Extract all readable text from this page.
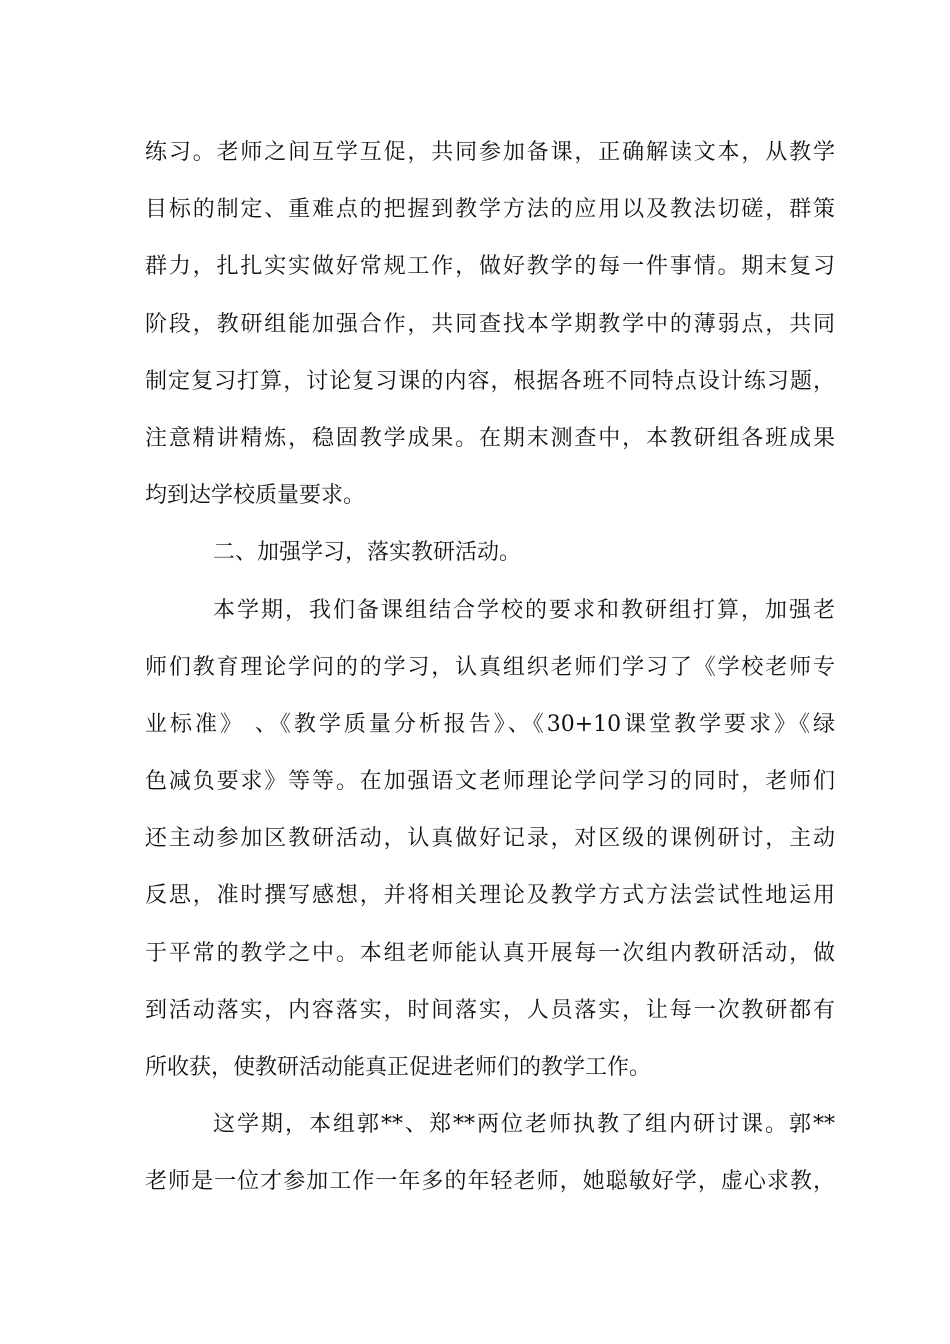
练习。老师之间互学互促，共同参加备课，正确解读文本，从教学
目标的制定、重难点的把握到教学方法的应用以及教法切磋，群策
群力，扎扎实实做好常规工作，做好教学的每一件事情。期末复习
阶段，教研组能加强合作，共同查找本学期教学中的薄弱点，共同
制定复习打算，讨论复习课的内容，根据各班不同特点设计练习题，
注意精讲精炼，稳固教学成果。在期末测查中，本教研组各班成果
均到达学校质量要求。
二、加强学习，落实教研活动。
本学期，我们备课组结合学校的要求和教研组打算，加强老
师们教育理论学问的的学习，认真组织老师们学习了《学校老师专
业标准》 、《教学质量分析报告》、《30+10课堂教学要求》《绿
色减负要求》等等。在加强语文老师理论学问学习的同时，老师们
还主动参加区教研活动，认真做好记录，对区级的课例研讨，主动
反思，准时撰写感想，并将相关理论及教学方式方法尝试性地运用
于平常的教学之中。本组老师能认真开展每一次组内教研活动，做
到活动落实，内容落实，时间落实，人员落实，让每一次教研都有
所收获，使教研活动能真正促进老师们的教学工作。
这学期，本组郭**、郑**两位老师执教了组内研讨课。郭**
老师是一位才参加工作一年多的年轻老师，她聪敏好学，虚心求教，
